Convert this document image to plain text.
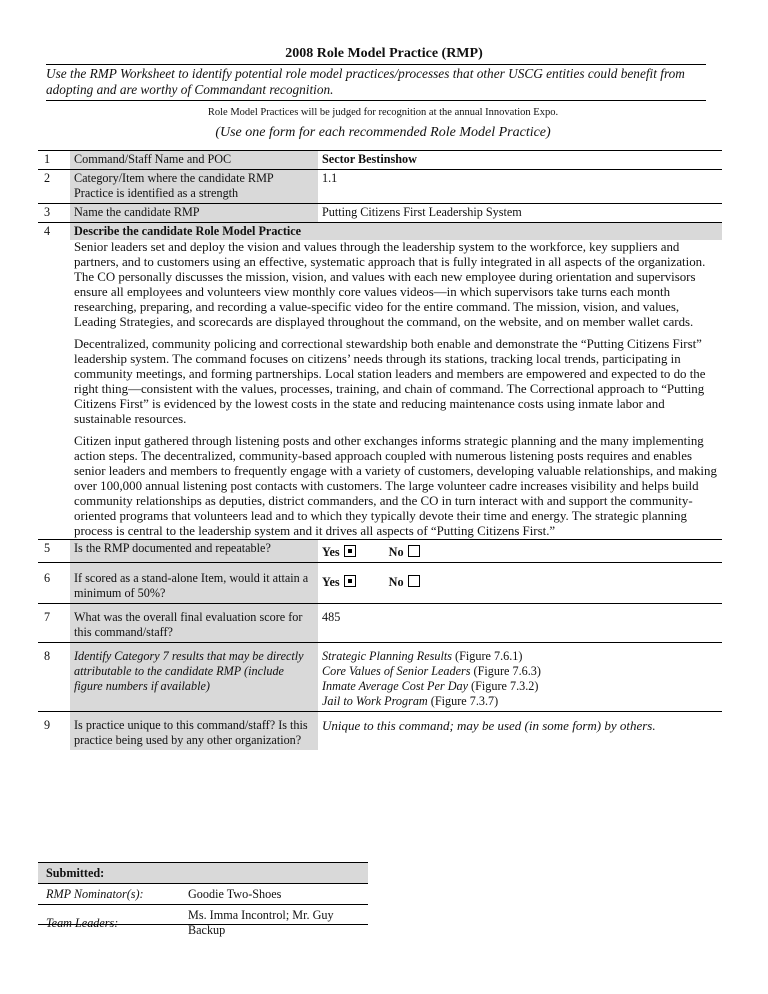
2008 Role Model Practice (RMP)
Use the RMP Worksheet to identify potential role model practices/processes that other USCG entities could benefit from adopting and are worthy of Commandant recognition.
Role Model Practices will be judged for recognition at the annual Innovation Expo.
(Use one form for each recommended Role Model Practice)
1	Command/Staff Name and POC	Sector Bestinshow
2	Category/Item where the candidate RMP Practice is identified as a strength	1.1
3	Name the candidate RMP	Putting Citizens First Leadership System
4	Describe the candidate Role Model Practice

Senior leaders set and deploy the vision and values through the leadership system to the workforce, key suppliers and partners, and to customers using an effective, systematic approach that is fully integrated in all aspects of the organization. The CO personally discusses the mission, vision, and values with each new employee during orientation and supervisors ensure all employees and volunteers view monthly core values videos—in which supervisors take turns each month researching, preparing, and recording a value-specific video for the entire command. The mission, vision, and values, Leading Strategies, and scorecards are displayed throughout the command, on the website, and on member wallet cards.

Decentralized, community policing and correctional stewardship both enable and demonstrate the “Putting Citizens First” leadership system. The command focuses on citizens’ needs through its stations, tracking local trends, participating in community meetings, and forming partnerships. Local station leaders and members are empowered and expected to do the right thing—consistent with the values, processes, training, and chain of command. The Correctional approach to “Putting Citizens First” is evidenced by the lowest costs in the state and reducing maintenance costs using inmate labor and sustainable resources.

Citizen input gathered through listening posts and other exchanges informs strategic planning and the many implementing action steps. The decentralized, community-based approach coupled with numerous listening posts requires and enables senior leaders and members to frequently engage with a variety of customers, developing valuable relationships, and making over 100,000 annual listening post contacts with customers. The large volunteer cadre increases visibility and helps build community relationships as deputies, district commanders, and the CO in turn interact with and support the community-oriented programs that volunteers lead and to which they typically devote their time and energy. The strategic planning process is central to the leadership system and it drives all aspects of “Putting Citizens First.”	

5	Is the RMP documented and repeatable?	Yes No
6	If scored as a stand-alone Item, would it attain a minimum of 50%?	Yes No
7	What was the overall final evaluation score for this command/staff?	485
8	Identify Category 7 results that may be directly attributable to the candidate RMP (include figure numbers if available)	Strategic Planning Results (Figure 7.6.1)
Core Values of Senior Leaders (Figure 7.6.3)
Inmate Average Cost Per Day (Figure 7.3.2)
Jail to Work Program (Figure 7.3.7)

9	Is practice unique to this command/staff? Is this practice being used by any other organization?	Unique to this command; may be used (in some form) by others.
Submitted:	
RMP Nominator(s):	Goodie Two-Shoes
Team Leaders:	Ms. Imma Incontrol; Mr. Guy Backup
